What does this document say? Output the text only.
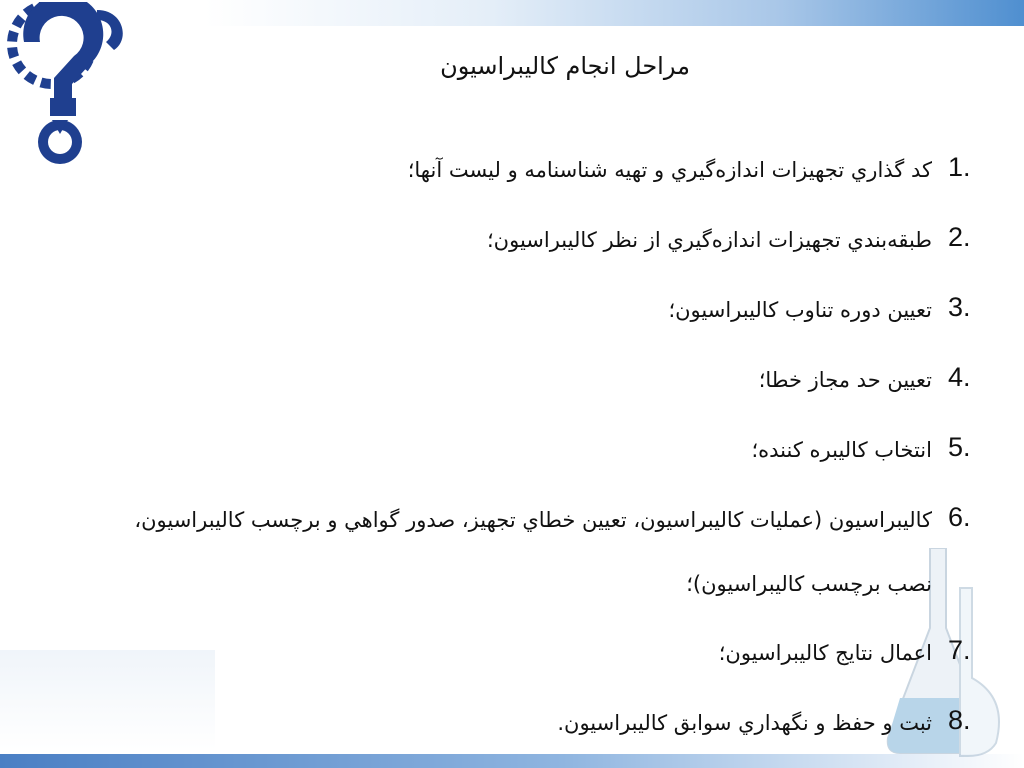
مراحل انجام کالیبراسیون
1.
كد گذاري تجهيزات اندازه‌گيري و تهيه شناسنامه و ليست آنها؛
2.
طبقه‌بندي تجهيزات اندازه‌گيري از نظر كاليبراسيون؛
3.
تعيين دوره تناوب كاليبراسيون؛
4.
تعيين حد مجاز خطا؛
5.
انتخاب كاليبره كننده؛
6.
كاليبراسيون (عمليات كاليبراسيون، تعيين خطاي تجهيز، صدور گواهي و برچسب كاليبراسيون،
نصب برچسب كاليبراسيون)؛
7.
اعمال نتايج كاليبراسيون؛
8.
ثبت و حفظ و نگهداري سوابق كاليبراسيون.
